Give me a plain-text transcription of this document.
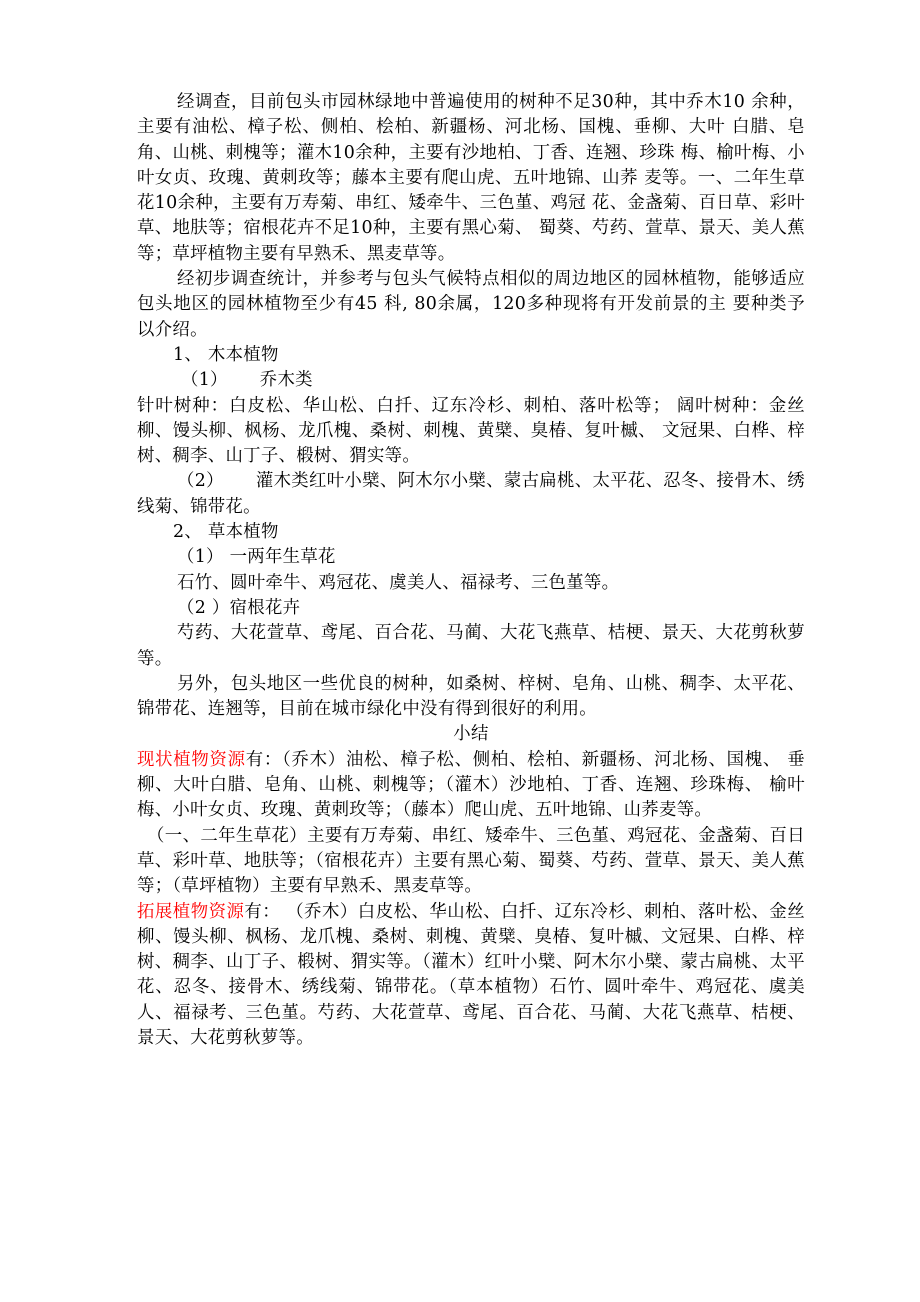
经调查，目前包头市园林绿地中普遍使用的树种不足30种，其中乔木10 余种，主要有油松、樟子松、侧柏、桧柏、新疆杨、河北杨、国槐、垂柳、大叶 白腊、皂角、山桃、刺槐等；灌木10余种，主要有沙地柏、丁香、连翘、珍珠 梅、榆叶梅、小叶女贞、玫瑰、黄刺玫等；藤本主要有爬山虎、五叶地锦、山荞 麦等。一、二年生草花10余种，主要有万寿菊、串红、矮牵牛、三色堇、鸡冠 花、金盏菊、百日草、彩叶草、地肤等；宿根花卉不足10种，主要有黑心菊、 蜀葵、芍药、萱草、景天、美人蕉等；草坪植物主要有早熟禾、黑麦草等。

经初步调查统计，并参考与包头气候特点相似的周边地区的园林植物，能够适应包头地区的园林植物至少有45 科, 80余属，120多种现将有开发前景的主 要种类予以介绍。

1、 木本植物

（1） 乔木类

针叶树种：白皮松、华山松、白扦、辽东冷杉、刺柏、落叶松等； 阔叶树种：金丝柳、馒头柳、枫杨、龙爪槐、桑树、刺槐、黄檗、臭椿、复叶槭、 文冠果、白桦、梓树、稠李、山丁子、椴树、猬实等。

（2） 灌木类红叶小檗、阿木尔小檗、蒙古扁桃、太平花、忍冬、接骨木、绣 线菊、锦带花。

2、 草本植物

（1） 一两年生草花

石竹、圆叶牵牛、鸡冠花、虞美人、福禄考、三色堇等。

（2 ）宿根花卉

芍药、大花萱草、鸢尾、百合花、马蔺、大花飞燕草、桔梗、景天、大花剪秋萝等。

另外，包头地区一些优良的树种，如桑树、梓树、皂角、山桃、稠李、太平花、锦带花、连翘等，目前在城市绿化中没有得到很好的利用。

小结

现状植物资源有：（乔木）油松、樟子松、侧柏、桧柏、新疆杨、河北杨、国槐、 垂柳、大叶白腊、皂角、山桃、刺槐等；（灌木）沙地柏、丁香、连翘、珍珠梅、 榆叶梅、小叶女贞、玫瑰、黄刺玫等；（藤本）爬山虎、五叶地锦、山荞麦等。

（一、二年生草花）主要有万寿菊、串红、矮牵牛、三色堇、鸡冠花、金盏菊、百日草、彩叶草、地肤等；（宿根花卉）主要有黑心菊、蜀葵、芍药、萱草、景天、美人蕉等；（草坪植物）主要有早熟禾、黑麦草等。

拓展植物资源有： （乔木）白皮松、华山松、白扦、辽东冷杉、刺柏、落叶松、金丝柳、馒头柳、枫杨、龙爪槐、桑树、刺槐、黄檗、臭椿、复叶槭、文冠果、白桦、梓树、稠李、山丁子、椴树、猬实等。（灌木）红叶小檗、阿木尔小檗、蒙古扁桃、太平花、忍冬、接骨木、绣线菊、锦带花。（草本植物）石竹、圆叶牵牛、鸡冠花、虞美人、福禄考、三色堇。芍药、大花萱草、鸢尾、百合花、马蔺、大花飞燕草、桔梗、景天、大花剪秋萝等。
